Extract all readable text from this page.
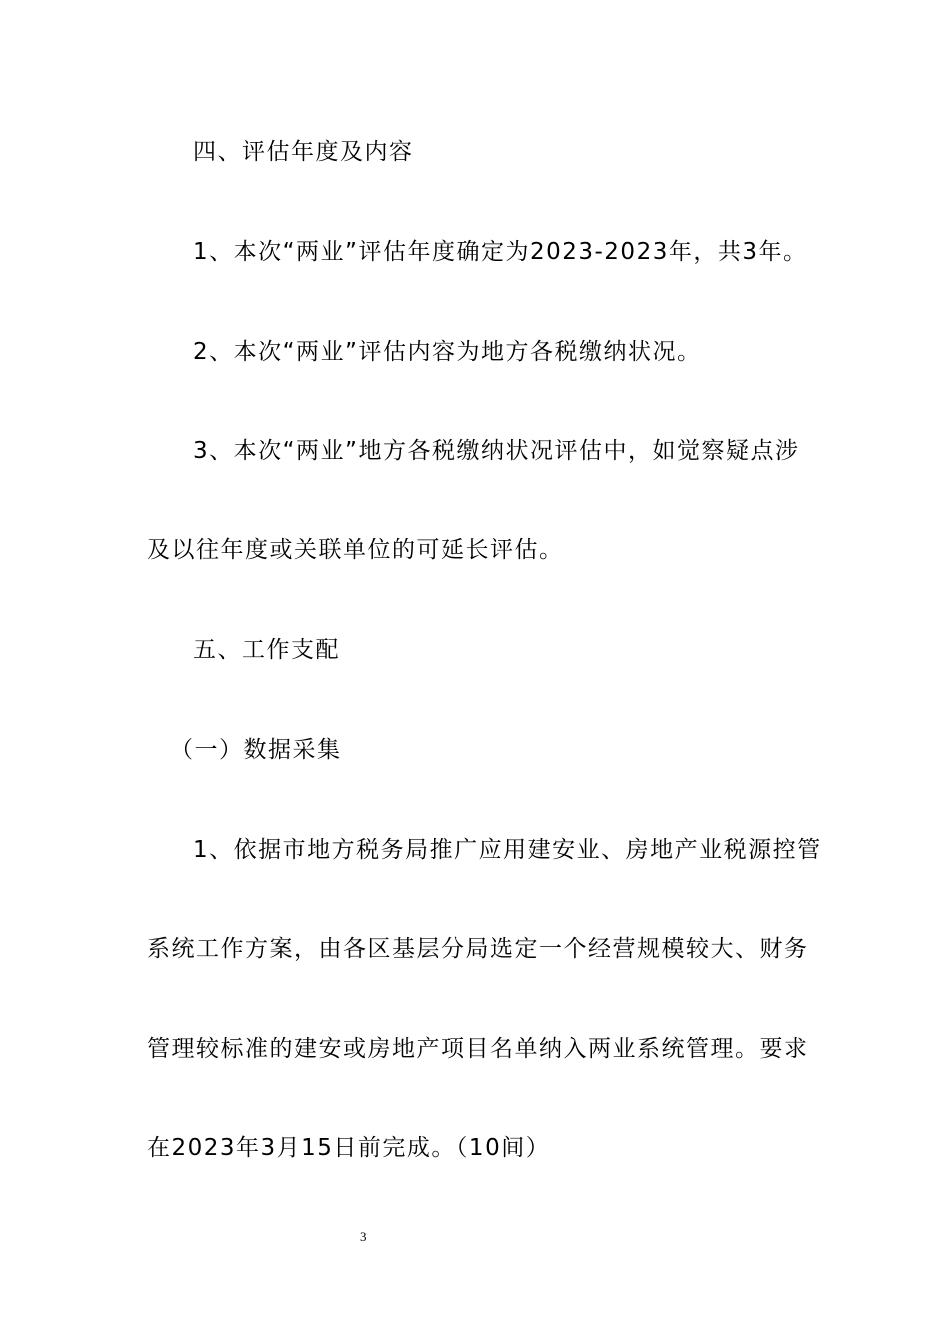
四、评估年度及内容
1、本次“两业”评估年度确定为2023-2023年，共3年。
2、本次“两业”评估内容为地方各税缴纳状况。
3、本次“两业”地方各税缴纳状况评估中，如觉察疑点涉
及以往年度或关联单位的可延长评估。
五、工作支配
（一）数据采集
1、依据市地方税务局推广应用建安业、房地产业税源控管
系统工作方案，由各区基层分局选定一个经营规模较大、财务
管理较标准的建安或房地产项目名单纳入两业系统管理。要求
在2023年3月15日前完成。（10间）
3
